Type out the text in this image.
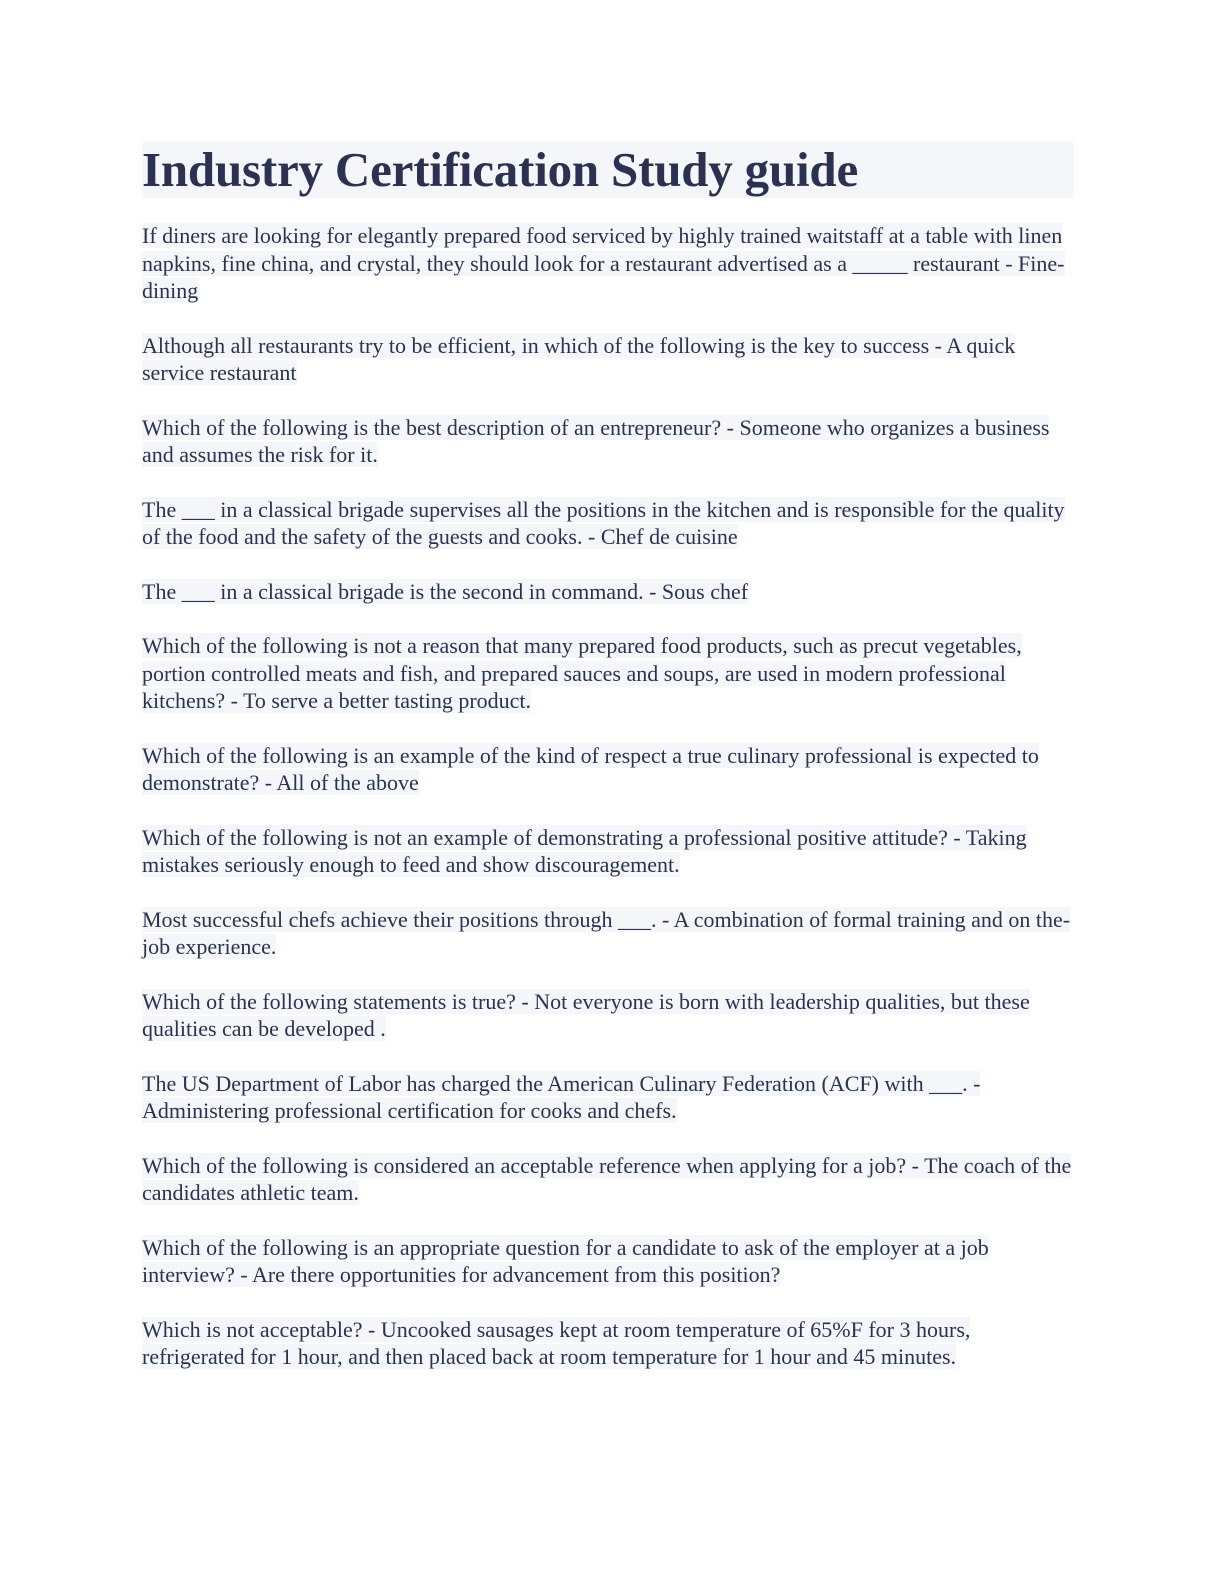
Industry Certification Study guide

If diners are looking for elegantly prepared food serviced by highly trained waitstaff at a table with linen napkins, fine china, and crystal, they should look for a restaurant advertised as a _____ restaurant - Fine-dining

Although all restaurants try to be efficient, in which of the following is the key to success - A quick service restaurant

Which of the following is the best description of an entrepreneur? - Someone who organizes a business and assumes the risk for it.

The ___ in a classical brigade supervises all the positions in the kitchen and is responsible for the quality of the food and the safety of the guests and cooks. - Chef de cuisine

The ___ in a classical brigade is the second in command. - Sous chef

Which of the following is not a reason that many prepared food products, such as precut vegetables, portion controlled meats and fish, and prepared sauces and soups, are used in modern professional kitchens? - To serve a better tasting product.

Which of the following is an example of the kind of respect a true culinary professional is expected to demonstrate? - All of the above

Which of the following is not an example of demonstrating a professional positive attitude? - Taking mistakes seriously enough to feed and show discouragement.

Most successful chefs achieve their positions through ___. - A combination of formal training and on the-job experience.

Which of the following statements is true? - Not everyone is born with leadership qualities, but these qualities can be developed .

The US Department of Labor has charged the American Culinary Federation (ACF) with ___. - Administering professional certification for cooks and chefs.

Which of the following is considered an acceptable reference when applying for a job? - The coach of the candidates athletic team.

Which of the following is an appropriate question for a candidate to ask of the employer at a job interview? - Are there opportunities for advancement from this position?

Which is not acceptable? - Uncooked sausages kept at room temperature of 65%F for 3 hours, refrigerated for 1 hour, and then placed back at room temperature for 1 hour and 45 minutes.
